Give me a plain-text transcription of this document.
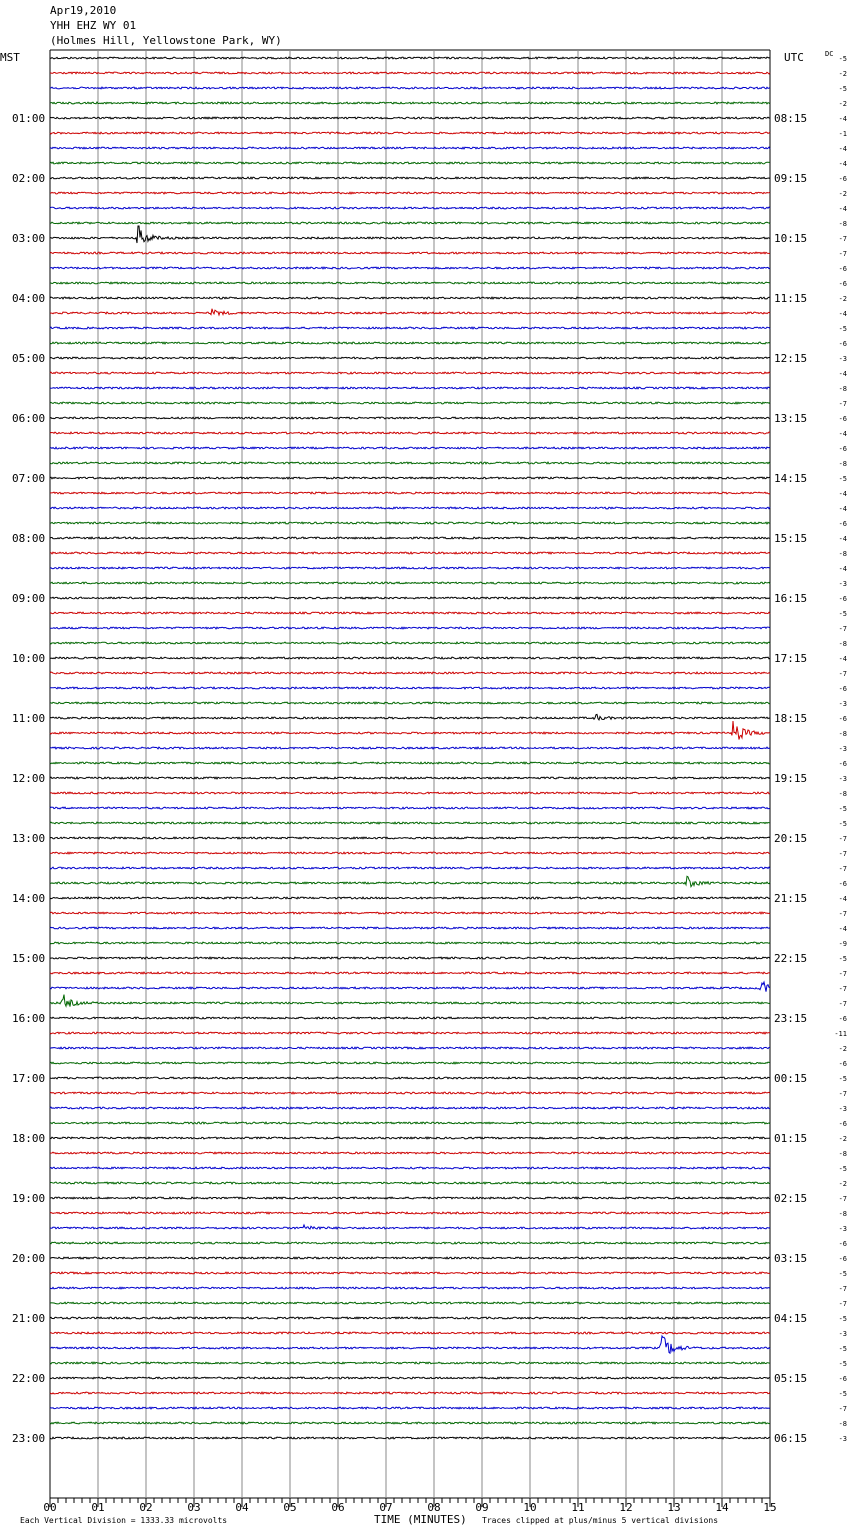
Apr19,2010
YHH EHZ WY 01
(Holmes Hill, Yellowstone Park, WY)
00	01	02	03	04	05	06	07	08	09	10	11	12	13	14	15
-5
-2
-5
-2
-4
-1
-4
-4
-6
-2
-4
-8
-7
-7
-6
-6
-2
-4
-5
-6
-3
-4
-8
-7
-6
-4
-6
-8
-5
-4
-4
-6
-4
-8
-4
-3
-6
-5
-7
-8
-4
-7
-6
-3
-6
-8
-3
-6
-3
-8
-5
-5
-7
-7
-7
-6
-4
-7
-4
-9
-5
-7
-7
-7
-6
-11
-2
-6
-5
-7
-3
-6
-2
-8
-5
-2
-7
-8
-3
-6
-6
-5
-7
-7
-5
-3
-5
-5
-6
-5
-7
-8
-3
01:00
02:00
03:00
04:00
05:00
06:00
07:00
08:00
09:00
10:00
11:00
12:00
13:00
14:00
15:00
16:00
17:00
18:00
19:00
20:00
21:00
22:00
23:00
08:15
09:15
10:15
11:15
12:15
13:15
14:15
15:15
16:15
17:15
18:15
19:15
20:15
21:15
22:15
23:15
00:15
01:15
02:15
03:15
04:15
05:15
06:15
MST	UTC	DC
Each Vertical Division = 1333.33 microvolts	TIME (MINUTES) Traces clipped at plus/minus 5 vertical divisions
